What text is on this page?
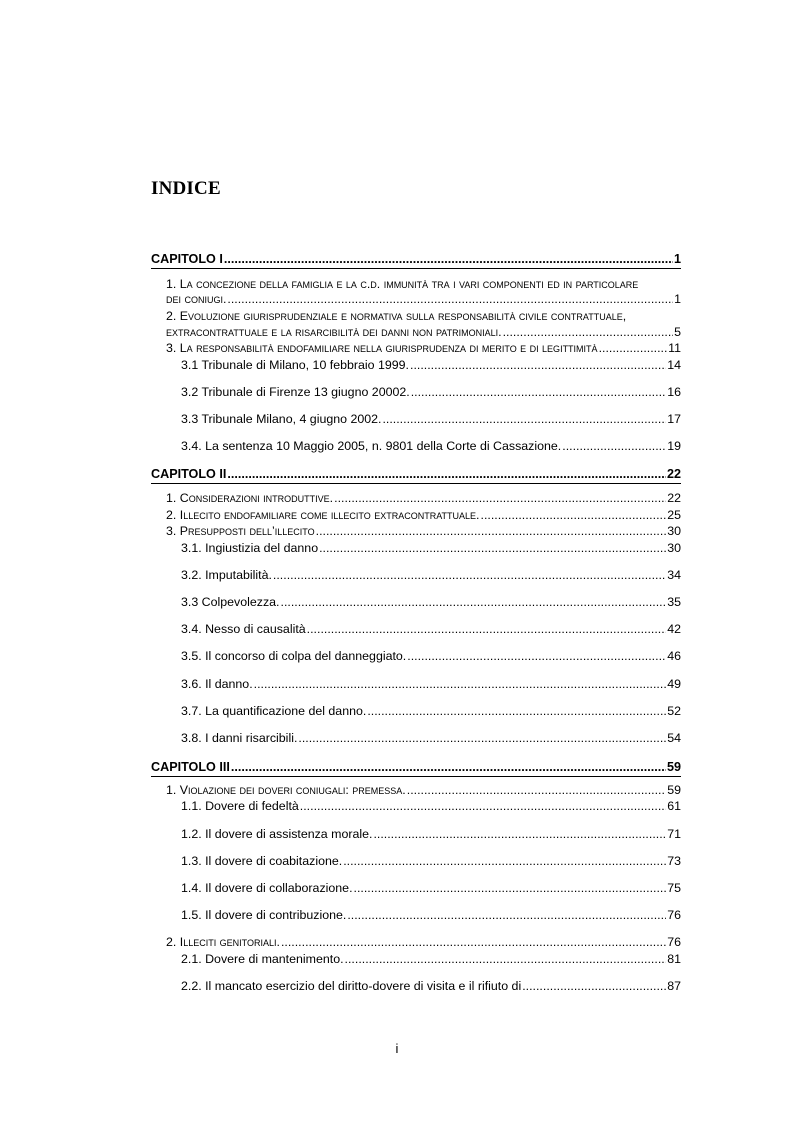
INDICE
CAPITOLO I .....	1
1. La concezione della famiglia e la c.d. immunità tra i vari componenti ed in particolare
dei coniugi. .....	1
2. Evoluzione giurisprudenziale e normativa sulla responsabilità civile contrattuale,
extracontrattuale e la risarcibilità dei danni non patrimoniali. .....	5
3. La responsabilità endofamiliare nella giurisprudenza di merito e di legittimità .....	11
3.1 Tribunale di Milano, 10 febbraio 1999. .....	14
3.2 Tribunale di Firenze 13 giugno 20002. .....	16
3.3 Tribunale Milano, 4 giugno 2002. .....	17
3.4. La sentenza 10 Maggio 2005, n. 9801 della Corte di Cassazione. .....	19
CAPITOLO II .....	22
1. Considerazioni introduttive. .....	22
2. Illecito endofamiliare come illecito extracontrattuale. .....	25
3. Presupposti dell’illecito .....	30
3.1. Ingiustizia del danno .....	30
3.2. Imputabilità. .....	34
3.3 Colpevolezza. .....	35
3.4. Nesso di causalità .....	42
3.5. Il concorso di colpa del danneggiato. .....	46
3.6. Il danno. .....	49
3.7. La quantificazione del danno. .....	52
3.8. I danni risarcibili. .....	54
CAPITOLO III .....	59
1. Violazione dei doveri coniugali: premessa. .....	59
1.1. Dovere di fedeltà .....	61
1.2. Il dovere di assistenza morale. .....	71
1.3. Il dovere di coabitazione. .....	73
1.4. Il dovere di collaborazione. .....	75
1.5. Il dovere di contribuzione. .....	76
2. Illeciti genitoriali. .....	76
2.1. Dovere di mantenimento. .....	81
2.2. Il mancato esercizio del diritto-dovere di visita e il rifiuto di .....	87
i
